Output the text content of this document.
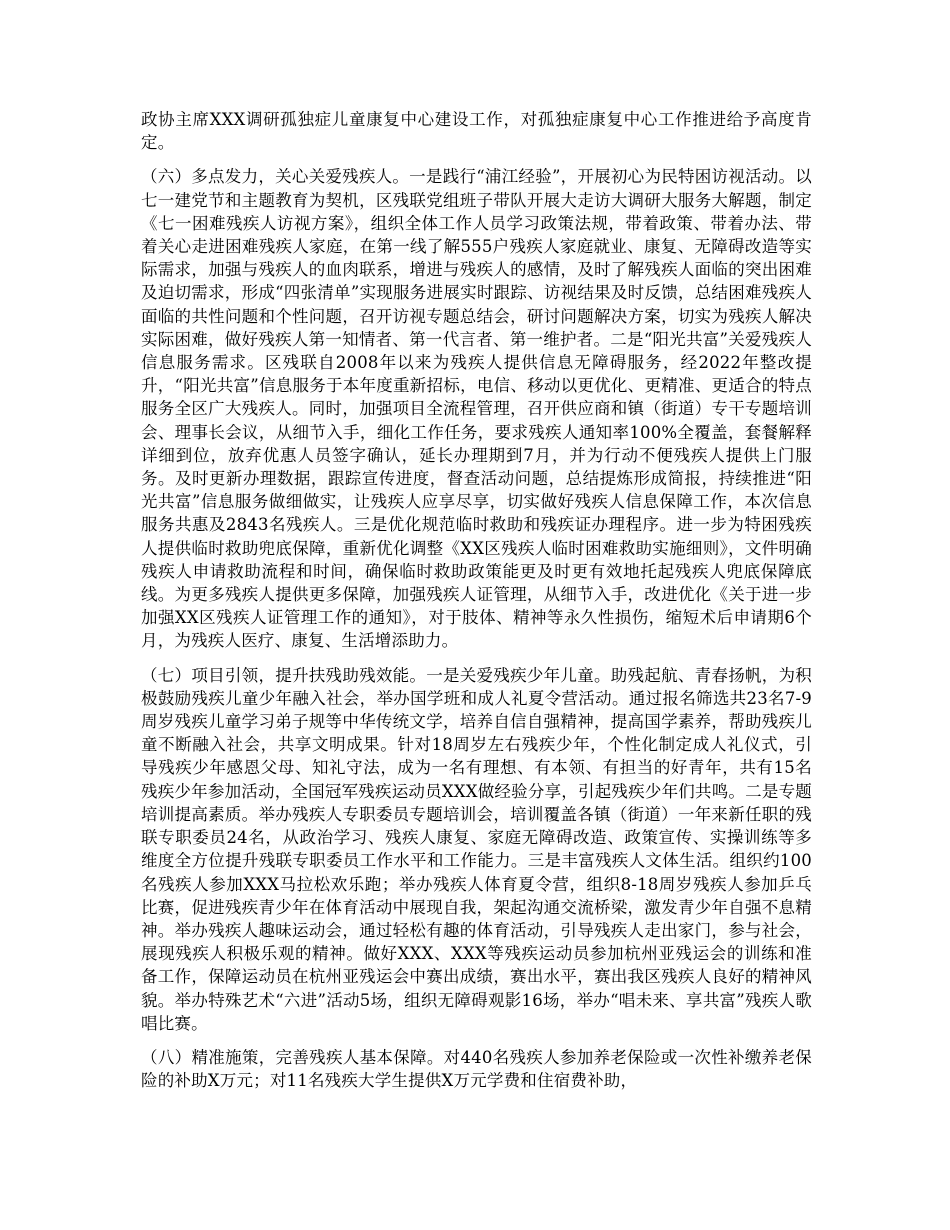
政协主席XXX调研孤独症儿童康复中心建设工作，对孤独症康复中心工作推进给予高度肯定。

（六）多点发力，关心关爱残疾人。一是践行“浦江经验”，开展初心为民特困访视活动。以七一建党节和主题教育为契机，区残联党组班子带队开展大走访大调研大服务大解题，制定《七一困难残疾人访视方案》，组织全体工作人员学习政策法规，带着政策、带着办法、带着关心走进困难残疾人家庭，在第一线了解555户残疾人家庭就业、康复、无障碍改造等实际需求，加强与残疾人的血肉联系，增进与残疾人的感情，及时了解残疾人面临的突出困难及迫切需求，形成“四张清单”实现服务进展实时跟踪、访视结果及时反馈，总结困难残疾人面临的共性问题和个性问题，召开访视专题总结会，研讨问题解决方案，切实为残疾人解决实际困难，做好残疾人第一知情者、第一代言者、第一维护者。二是“阳光共富”关爱残疾人信息服务需求。区残联自2008年以来为残疾人提供信息无障碍服务，经2022年整改提升，“阳光共富”信息服务于本年度重新招标，电信、移动以更优化、更精准、更适合的特点服务全区广大残疾人。同时，加强项目全流程管理，召开供应商和镇（街道）专干专题培训会、理事长会议，从细节入手，细化工作任务，要求残疾人通知率100%全覆盖，套餐解释详细到位，放弃优惠人员签字确认，延长办理期到7月，并为行动不便残疾人提供上门服务。及时更新办理数据，跟踪宣传进度，督查活动问题，总结提炼形成简报，持续推进“阳光共富”信息服务做细做实，让残疾人应享尽享，切实做好残疾人信息保障工作，本次信息服务共惠及2843名残疾人。三是优化规范临时救助和残疾证办理程序。进一步为特困残疾人提供临时救助兜底保障，重新优化调整《XX区残疾人临时困难救助实施细则》，文件明确残疾人申请救助流程和时间，确保临时救助政策能更及时更有效地托起残疾人兜底保障底线。为更多残疾人提供更多保障，加强残疾人证管理，从细节入手，改进优化《关于进一步加强XX区残疾人证管理工作的通知》，对于肢体、精神等永久性损伤，缩短术后申请期6个月，为残疾人医疗、康复、生活增添助力。

（七）项目引领，提升扶残助残效能。一是关爱残疾少年儿童。助残起航、青春扬帆，为积极鼓励残疾儿童少年融入社会，举办国学班和成人礼夏令营活动。通过报名筛选共23名7-9周岁残疾儿童学习弟子规等中华传统文学，培养自信自强精神，提高国学素养，帮助残疾儿童不断融入社会，共享文明成果。针对18周岁左右残疾少年，个性化制定成人礼仪式，引导残疾少年感恩父母、知礼守法，成为一名有理想、有本领、有担当的好青年，共有15名残疾少年参加活动，全国冠军残疾运动员XXX做经验分享，引起残疾少年们共鸣。二是专题培训提高素质。举办残疾人专职委员专题培训会，培训覆盖各镇（街道）一年来新任职的残联专职委员24名，从政治学习、残疾人康复、家庭无障碍改造、政策宣传、实操训练等多维度全方位提升残联专职委员工作水平和工作能力。三是丰富残疾人文体生活。组织约100名残疾人参加XXX马拉松欢乐跑；举办残疾人体育夏令营，组织8-18周岁残疾人参加乒乓比赛，促进残疾青少年在体育活动中展现自我，架起沟通交流桥梁，激发青少年自强不息精神。举办残疾人趣味运动会，通过轻松有趣的体育活动，引导残疾人走出家门，参与社会，展现残疾人积极乐观的精神。做好XXX、XXX等残疾运动员参加杭州亚残运会的训练和准备工作，保障运动员在杭州亚残运会中赛出成绩，赛出水平，赛出我区残疾人良好的精神风貌。举办特殊艺术“六进”活动5场，组织无障碍观影16场，举办“唱未来、享共富”残疾人歌唱比赛。

（八）精准施策，完善残疾人基本保障。对440名残疾人参加养老保险或一次性补缴养老保险的补助X万元；对11名残疾大学生提供X万元学费和住宿费补助，
